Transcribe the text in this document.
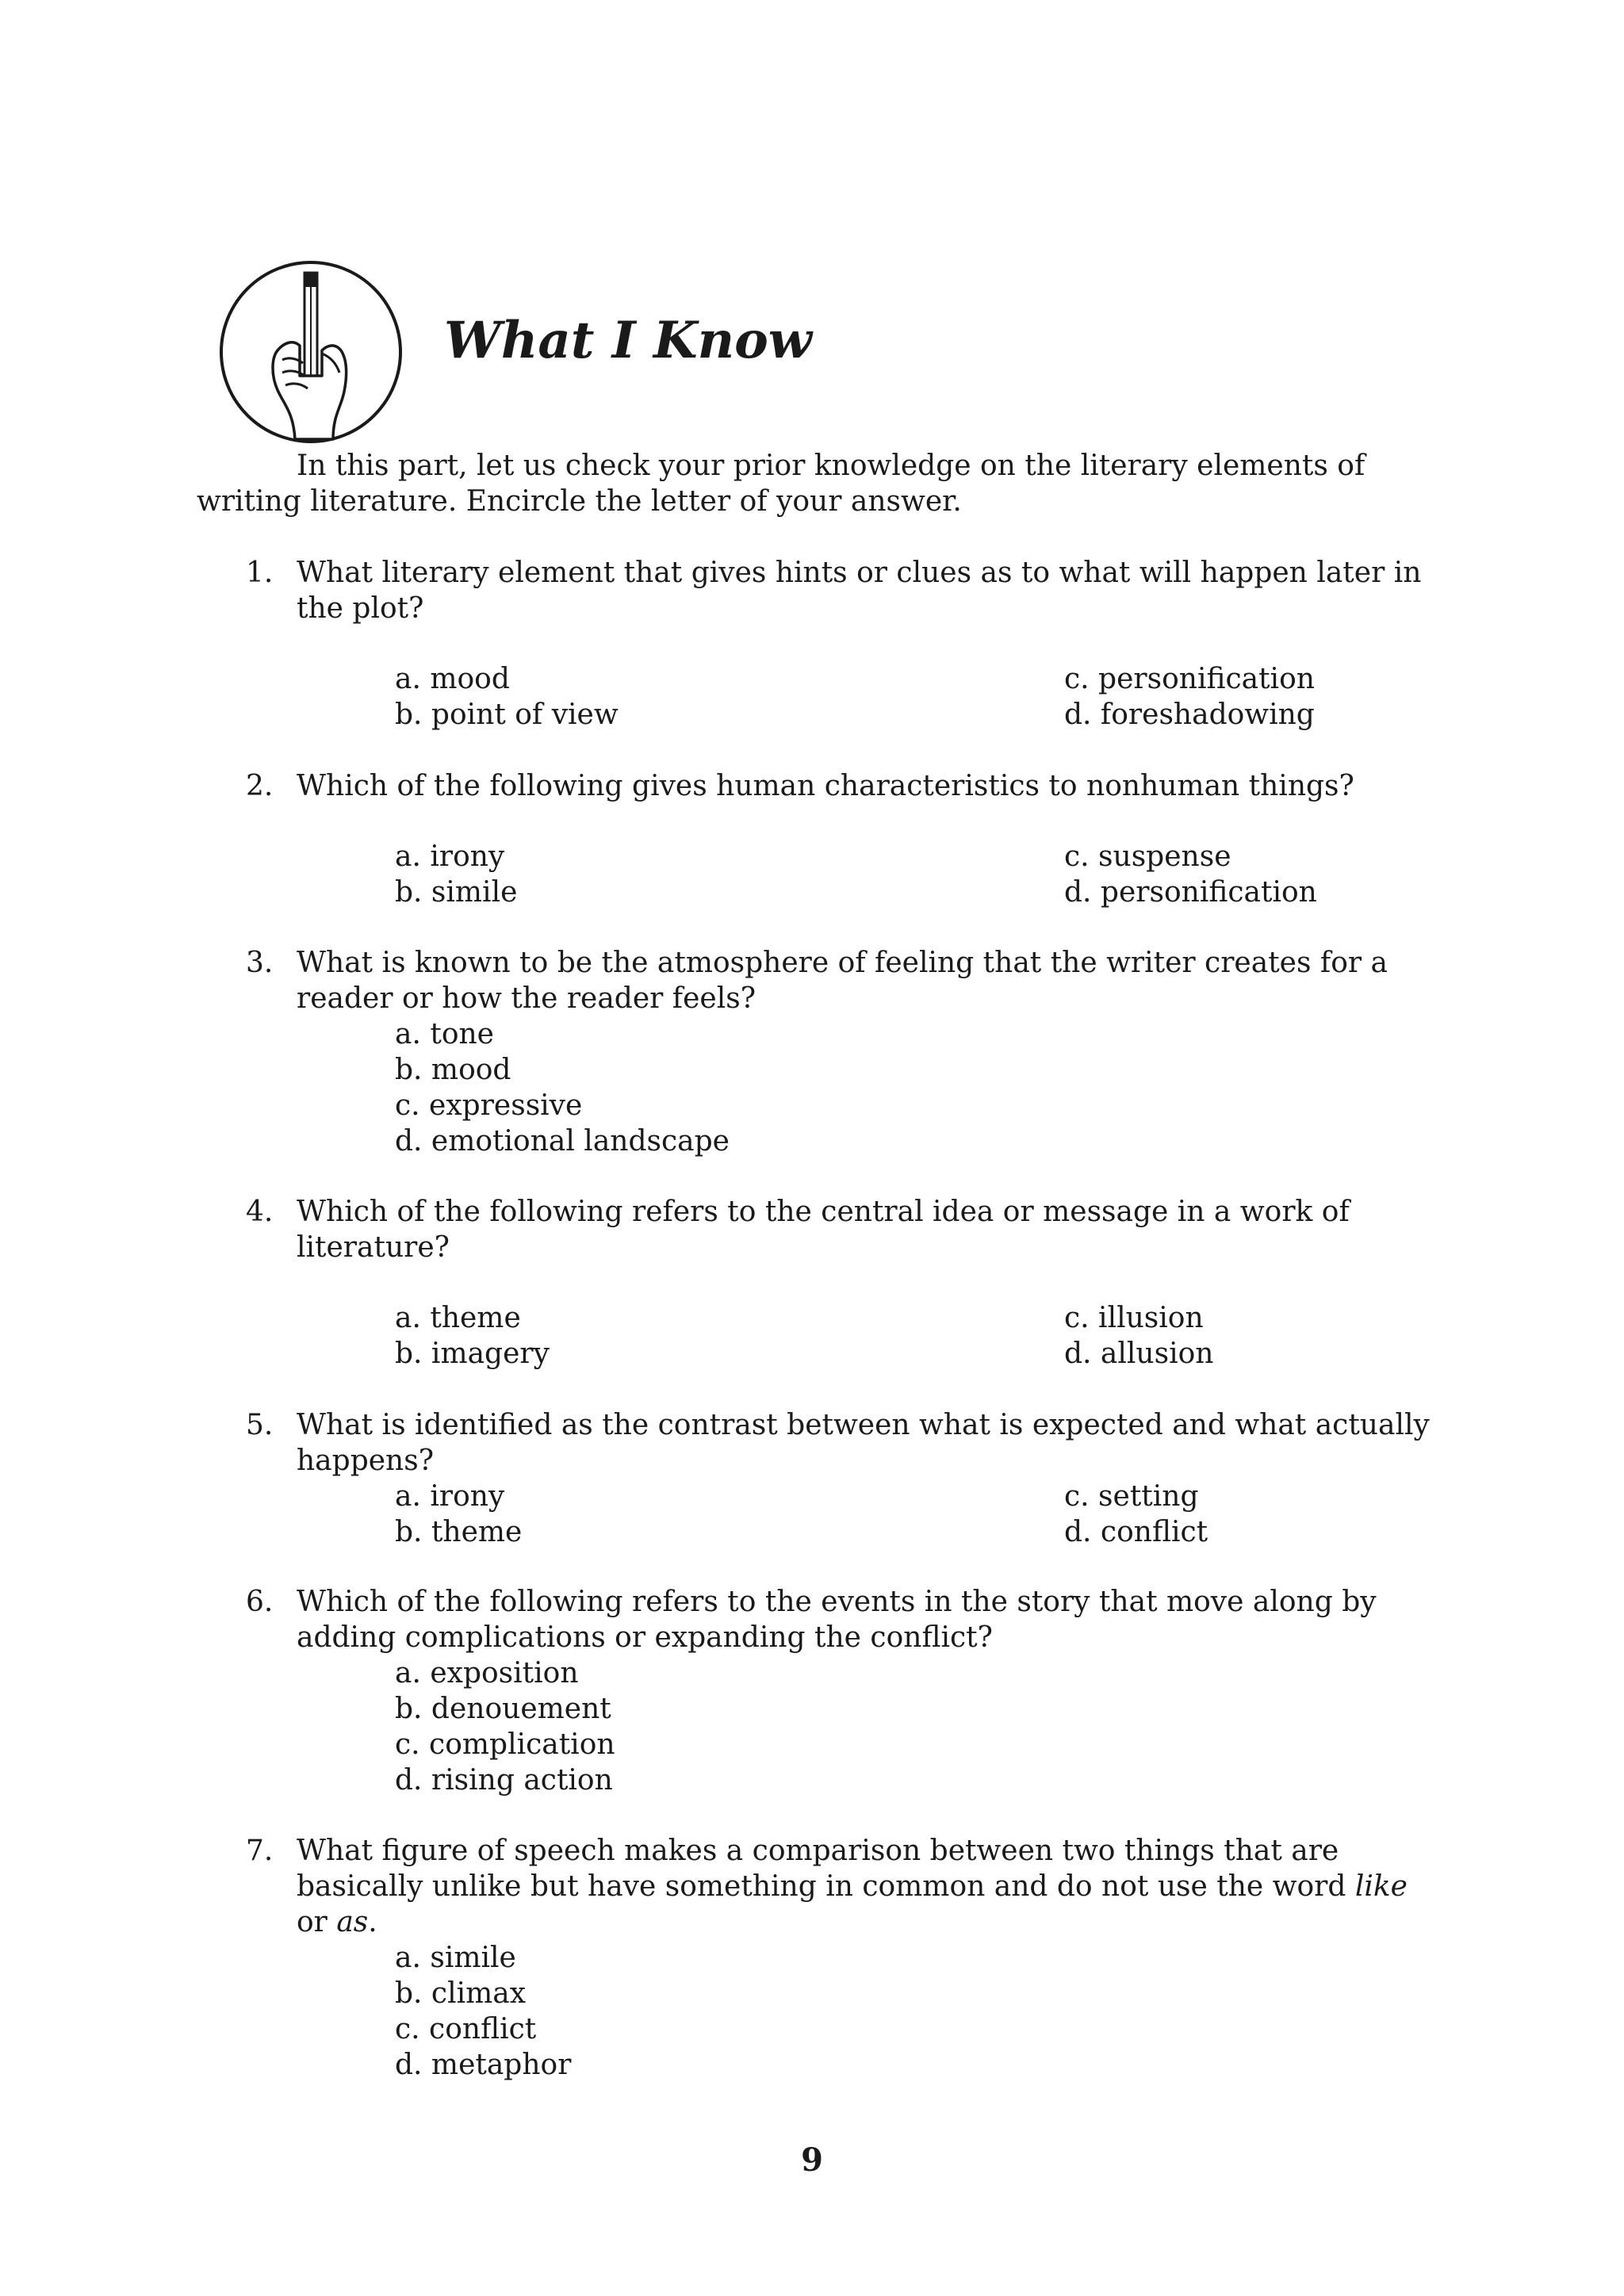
What I Know

In this part, let us check your prior knowledge on the literary elements of writing literature. Encircle the letter of your answer.

1. What literary element that gives hints or clues as to what will happen later in the plot?

a. mood
b. point of view
c. personification
d. foreshadowing
2. Which of the following gives human characteristics to nonhuman things?

a. irony
b. simile
c. suspense
d. personification
3. What is known to be the atmosphere of feeling that the writer creates for a reader or how the reader feels?

a. tone
b. mood
c. expressive
d. emotional landscape
4. Which of the following refers to the central idea or message in a work of literature?

a. theme
b. imagery
c. illusion
d. allusion
5. What is identified as the contrast between what is expected and what actually happens?

a. irony
b. theme
c. setting
d. conflict
6. Which of the following refers to the events in the story that move along by adding complications or expanding the conflict?

a. exposition
b. denouement
c. complication
d. rising action
7. What figure of speech makes a comparison between two things that are basically unlike but have something in common and do not use the word like or as.

a. simile
b. climax
c. conflict
d. metaphor
9
